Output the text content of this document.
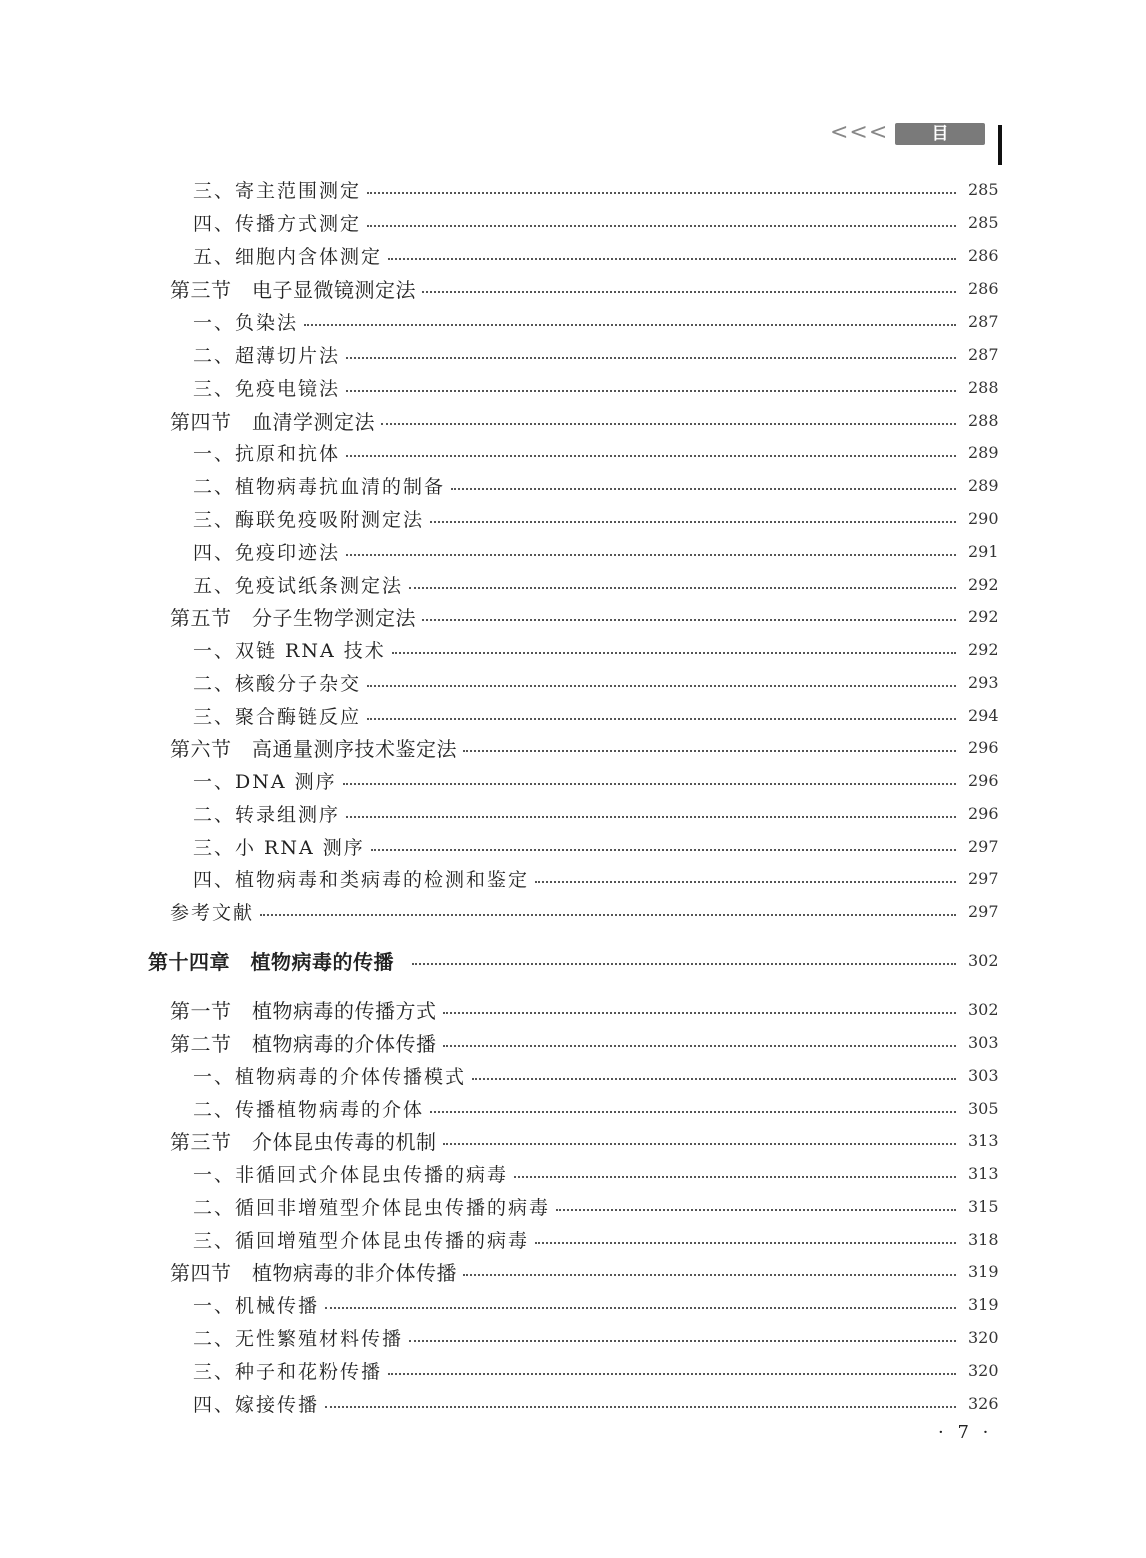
<<<	目 录
三、寄主范围测定	285
四、传播方式测定	285
五、细胞内含体测定	286
第三节　电子显微镜测定法	286
一、负染法	287
二、超薄切片法	287
三、免疫电镜法	288
第四节　血清学测定法	288
一、抗原和抗体	289
二、植物病毒抗血清的制备	289
三、酶联免疫吸附测定法	290
四、免疫印迹法	291
五、免疫试纸条测定法	292
第五节　分子生物学测定法	292
一、双链 RNA 技术	292
二、核酸分子杂交	293
三、聚合酶链反应	294
第六节　高通量测序技术鉴定法	296
一、DNA 测序	296
二、转录组测序	296
三、小 RNA 测序	297
四、植物病毒和类病毒的检测和鉴定	297
参考文献	297
第十四章　植物病毒的传播	302
第一节　植物病毒的传播方式	302
第二节　植物病毒的介体传播	303
一、植物病毒的介体传播模式	303
二、传播植物病毒的介体	305
第三节　介体昆虫传毒的机制	313
一、非循回式介体昆虫传播的病毒	313
二、循回非增殖型介体昆虫传播的病毒	315
三、循回增殖型介体昆虫传播的病毒	318
第四节　植物病毒的非介体传播	319
一、机械传播	319
二、无性繁殖材料传播	320
三、种子和花粉传播	320
四、嫁接传播	326
· 7 ·
